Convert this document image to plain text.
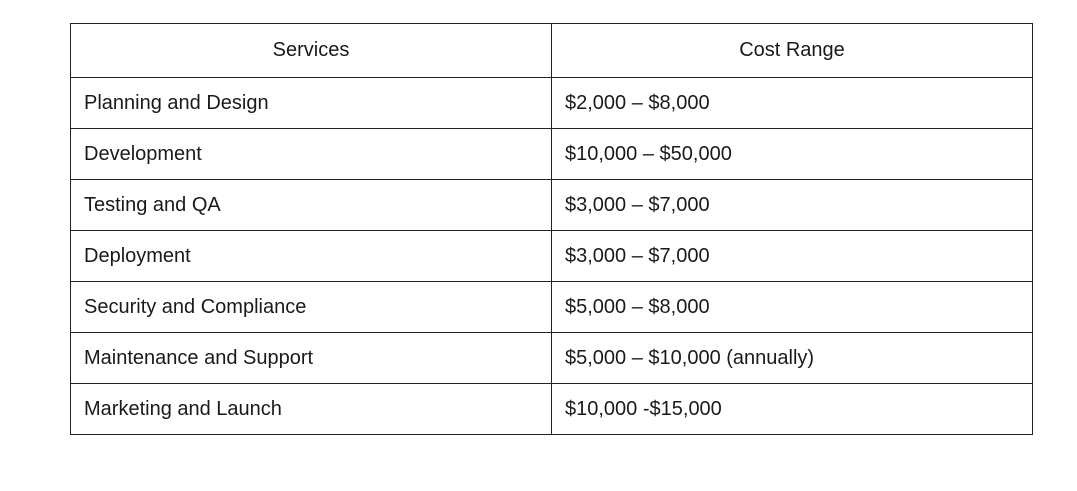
Services	Cost Range
Planning and Design	$2,000 – $8,000
Development	$10,000 – $50,000
Testing and QA	$3,000 – $7,000
Deployment	$3,000 – $7,000
Security and Compliance	$5,000 – $8,000
Maintenance and Support	$5,000 – $10,000 (annually)
Marketing and Launch	$10,000 -$15,000
